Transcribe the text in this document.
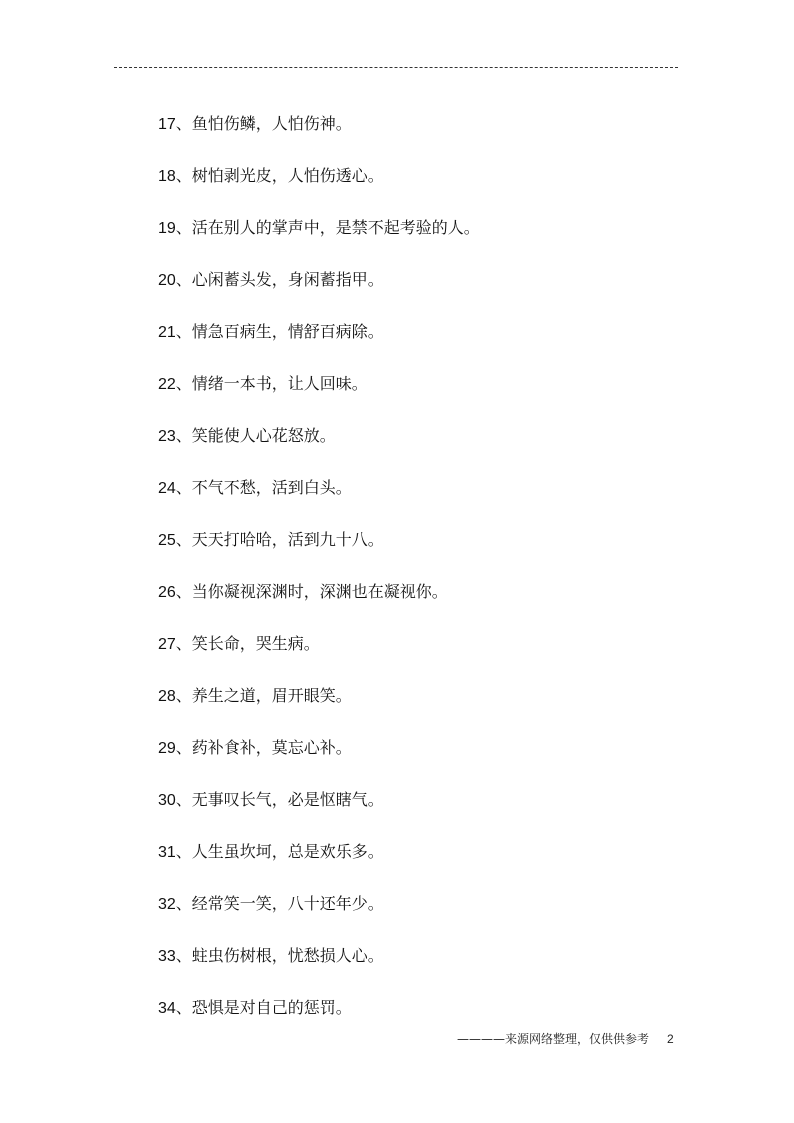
17、鱼怕伤鳞，人怕伤神。
18、树怕剥光皮，人怕伤透心。
19、活在别人的掌声中，是禁不起考验的人。
20、心闲蓄头发，身闲蓄指甲。
21、情急百病生，情舒百病除。
22、情绪一本书，让人回味。
23、笑能使人心花怒放。
24、不气不愁，活到白头。
25、天天打哈哈，活到九十八。
26、当你凝视深渊时，深渊也在凝视你。
27、笑长命，哭生病。
28、养生之道，眉开眼笑。
29、药补食补，莫忘心补。
30、无事叹长气，必是怄瞎气。
31、人生虽坎坷，总是欢乐多。
32、经常笑一笑，八十还年少。
33、蛀虫伤树根，忧愁损人心。
34、恐惧是对自己的惩罚。
————来源网络整理，仅供供参考 2
